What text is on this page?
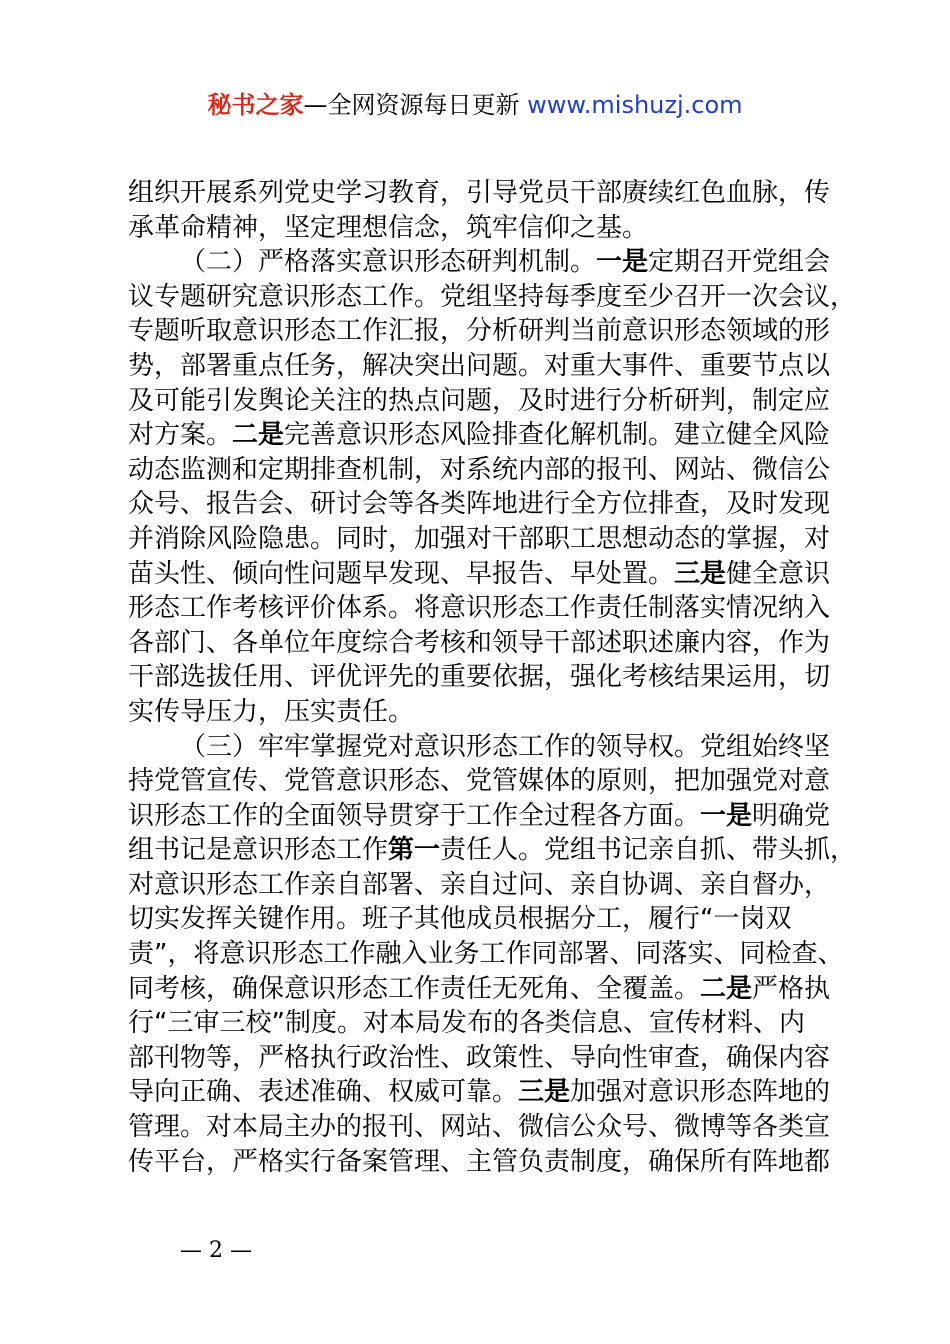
秘书之家—全网资源每日更新 www.mishuzj.com
组织开展系列党史学习教育，引导党员干部赓续红色血脉，传
承革命精神，坚定理想信念，筑牢信仰之基。
（二）严格落实意识形态研判机制。一是定期召开党组会
议专题研究意识形态工作。党组坚持每季度至少召开一次会议，
专题听取意识形态工作汇报，分析研判当前意识形态领域的形
势，部署重点任务，解决突出问题。对重大事件、重要节点以
及可能引发舆论关注的热点问题，及时进行分析研判，制定应
对方案。二是完善意识形态风险排查化解机制。建立健全风险
动态监测和定期排查机制，对系统内部的报刊、网站、微信公
众号、报告会、研讨会等各类阵地进行全方位排查，及时发现
并消除风险隐患。同时，加强对干部职工思想动态的掌握，对
苗头性、倾向性问题早发现、早报告、早处置。三是健全意识
形态工作考核评价体系。将意识形态工作责任制落实情况纳入
各部门、各单位年度综合考核和领导干部述职述廉内容，作为
干部选拔任用、评优评先的重要依据，强化考核结果运用，切
实传导压力，压实责任。
（三）牢牢掌握党对意识形态工作的领导权。党组始终坚
持党管宣传、党管意识形态、党管媒体的原则，把加强党对意
识形态工作的全面领导贯穿于工作全过程各方面。一是明确党
组书记是意识形态工作第一责任人。党组书记亲自抓、带头抓，
对意识形态工作亲自部署、亲自过问、亲自协调、亲自督办，
切实发挥关键作用。班子其他成员根据分工，履行“一岗双
责”，将意识形态工作融入业务工作同部署、同落实、同检查、
同考核，确保意识形态工作责任无死角、全覆盖。二是严格执
行“三审三校”制度。对本局发布的各类信息、宣传材料、内
部刊物等，严格执行政治性、政策性、导向性审查，确保内容
导向正确、表述准确、权威可靠。三是加强对意识形态阵地的
管理。对本局主办的报刊、网站、微信公众号、微博等各类宣
传平台，严格实行备案管理、主管负责制度，确保所有阵地都
— 2 —
